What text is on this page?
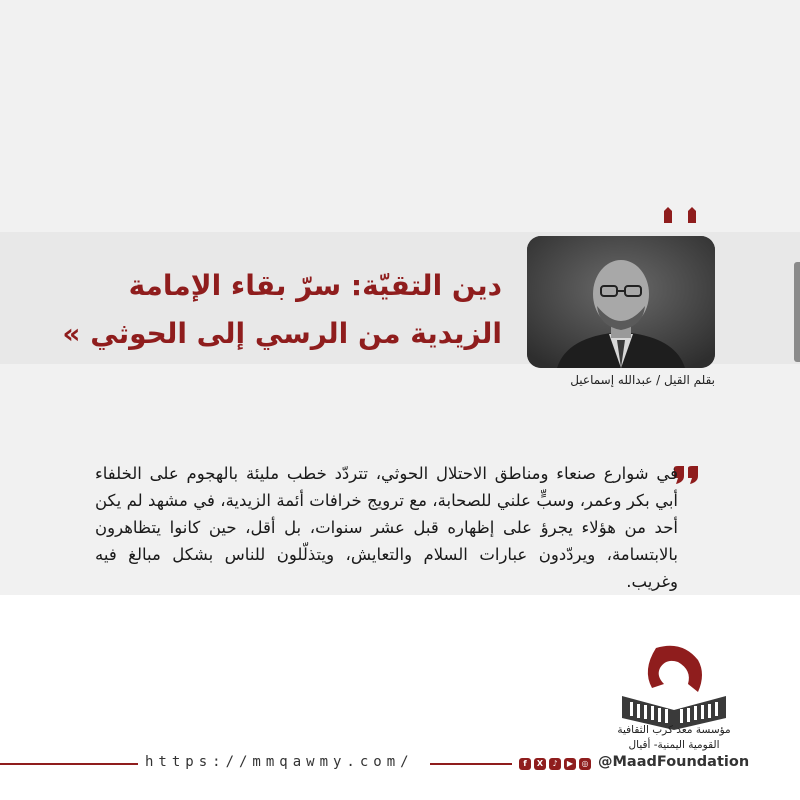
بقلم القيل / عبدالله إسماعيل

دين التقيّة: سرّ بقاء الإمامة
الزيدية من الرسي إلى الحوثي »

في شوارع صنعاء ومناطق الاحتلال الحوثي، تتردّد خطب مليئة بالهجوم على الخلفاء أبي بكر وعمر، وسبٍّ علني للصحابة، مع ترويج خرافات أئمة الزيدية، في مشهد لم يكن أحد من هؤلاء يجرؤ على إظهاره قبل عشر سنوات، بل أقل، حين كانوا يتظاهرون بالابتسامة، ويردّدون عبارات السلام والتعايش، ويتذلّلون للناس بشكل مبالغ فيه وغريب.

مؤسسة معد كرب الثقافية

القومية اليمنية- أقيال

https://mmqawmy.com/	f	X	♪	▶	◎ @MaadFoundation
